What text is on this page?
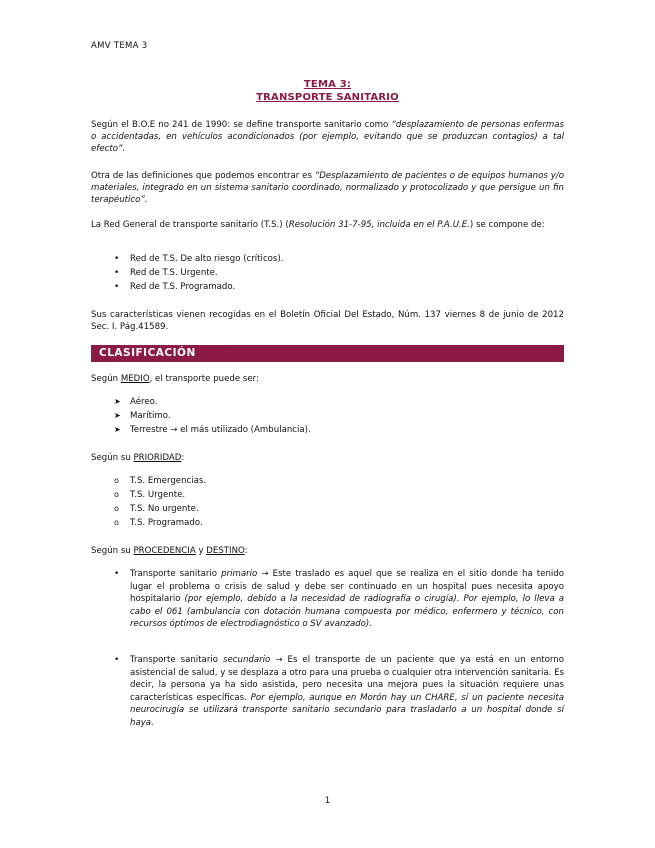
AMV TEMA 3
TEMA 3:
TRANSPORTE SANITARIO
Según el B.O.E no 241 de 1990: se define transporte sanitario como “desplazamiento de personas enfermas o accidentadas, en vehículos acondicionados (por ejemplo, evitando que se produzcan contagios) a tal efecto”.
Otra de las definiciones que podemos encontrar es “Desplazamiento de pacientes o de equipos humanos y/o materiales, integrado en un sistema sanitario coordinado, normalizado y protocolizado y que persigue un fin terapéutico”.
La Red General de transporte sanitario (T.S.) (Resolución 31-7-95, incluida en el P.A.U.E.) se compone de:
• Red de T.S. De alto riesgo (críticos).
• Red de T.S. Urgente.
• Red de T.S. Programado.
Sus características vienen recogidas en el Boletín Oficial Del Estado, Núm. 137 viernes 8 de junio de 2012 Sec. I. Pág.41589.
CLASIFICACIÓN
Según MEDIO, el transporte puede ser:
➤ Aéreo.
➤ Marítimo.
➤ Terrestre → el más utilizado (Ambulancia).
Según su PRIORIDAD:
o T.S. Emergencias.
o T.S. Urgente.
o T.S. No urgente.
o T.S. Programado.
Según su PROCEDENCIA y DESTINO:
• Transporte sanitario primario → Este traslado es aquel que se realiza en el sitio donde ha tenido lugar el problema o crisis de salud y debe ser continuado en un hospital pues necesita apoyo hospitalario (por ejemplo, debido a la necesidad de radiografía o cirugía). Por ejemplo, lo lleva a cabo el 061 (ambulancia con dotación humana compuesta por médico, enfermero y técnico, con recursos óptimos de electrodiagnóstico o SV avanzado).
• Transporte sanitario secundario → Es el transporte de un paciente que ya está en un entorno asistencial de salud, y se desplaza a otro para una prueba o cualquier otra intervención sanitaria. Es decir, la persona ya ha sido asistida, pero necesita una mejora pues la situación requiere unas características específicas. Por ejemplo, aunque en Morón hay un CHARE, si un paciente necesita neurocirugía se utilizará transporte sanitario secundario para trasladarlo a un hospital donde sí haya.
1
